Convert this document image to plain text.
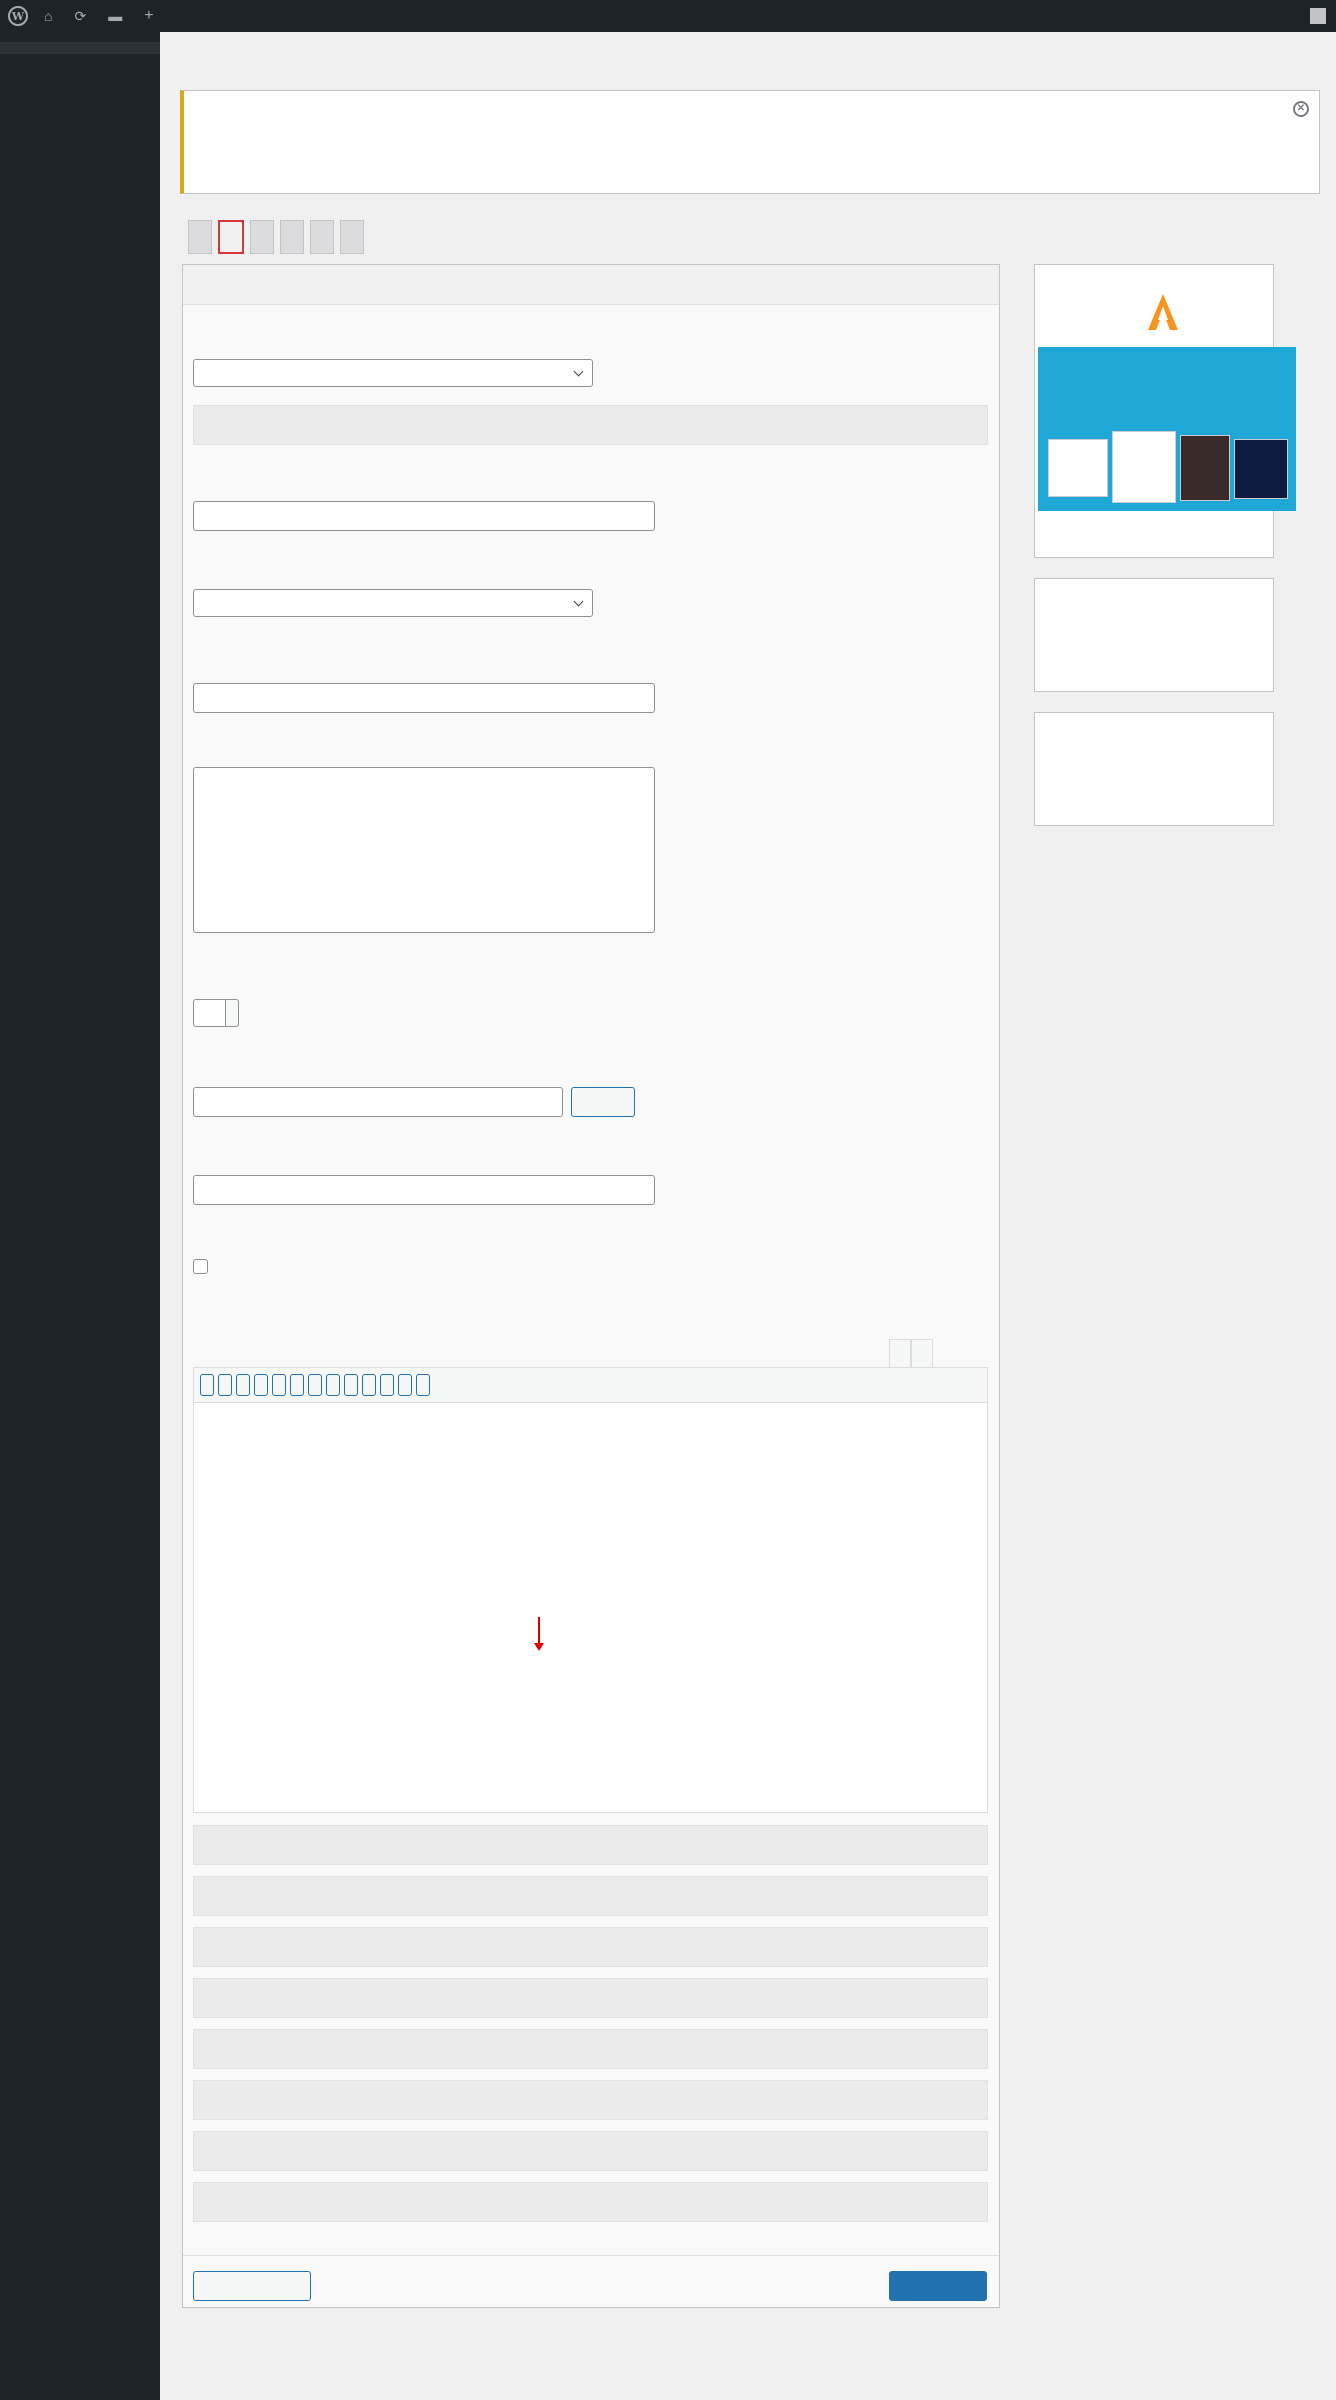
W ⌂ ⟳ ▬ +
✕
